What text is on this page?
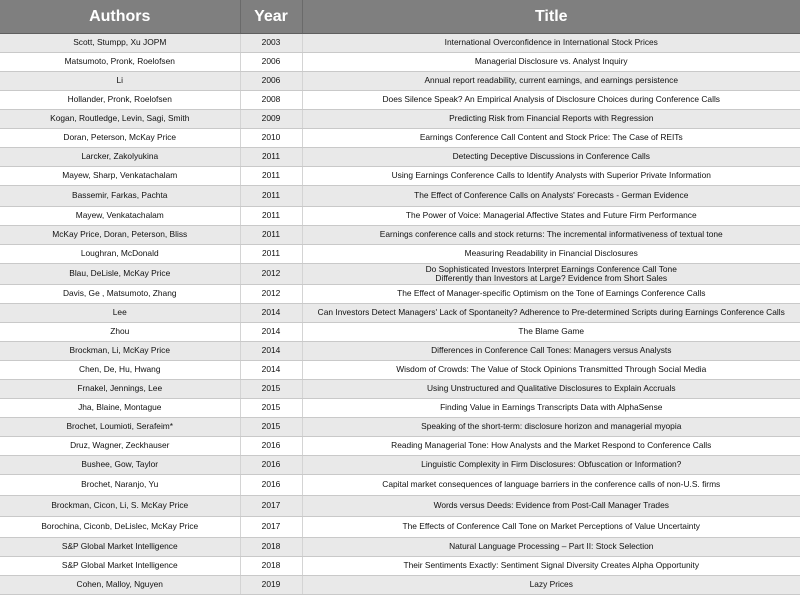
Authors	Year	Title
Scott, Stumpp, Xu JOPM	2003	International Overconfidence in International Stock Prices

Matsumoto, Pronk, Roelofsen	2006	Managerial Disclosure vs. Analyst Inquiry

Li	2006	Annual report readability, current earnings, and earnings persistence

Hollander, Pronk, Roelofsen	2008	Does Silence Speak? An Empirical Analysis of Disclosure Choices during Conference Calls

Kogan, Routledge, Levin, Sagi, Smith	2009	Predicting Risk from Financial Reports with Regression

Doran, Peterson, McKay Price	2010	Earnings Conference Call Content and Stock Price: The Case of REITs

Larcker, Zakolyukina	2011	Detecting Deceptive Discussions in Conference Calls

Mayew, Sharp, Venkatachalam	2011	Using Earnings Conference Calls to Identify Analysts with Superior Private Information

Bassemir, Farkas, Pachta	2011	The Effect of Conference Calls on Analysts' Forecasts - German Evidence

Mayew, Venkatachalam	2011	The Power of Voice: Managerial Affective States and Future Firm Performance

McKay Price, Doran, Peterson, Bliss	2011	Earnings conference calls and stock returns: The incremental informativeness of textual tone

Loughran, McDonald	2011	Measuring Readability in Financial Disclosures

Blau, DeLisle, McKay Price	2012	Do Sophisticated Investors Interpret Earnings Conference Call Tone
Differently than Investors at Large? Evidence from Short Sales

Davis, Ge , Matsumoto, Zhang	2012	The Effect of Manager-specific Optimism on the Tone of Earnings Conference Calls

Lee	2014	Can Investors Detect Managers' Lack of Spontaneity? Adherence to Pre-determined Scripts during Earnings Conference Calls

Zhou	2014	The Blame Game

Brockman, Li, McKay Price	2014	Differences in Conference Call Tones: Managers versus Analysts

Chen, De, Hu, Hwang	2014	Wisdom of Crowds: The Value of Stock Opinions Transmitted Through Social Media

Frnakel, Jennings, Lee	2015	Using Unstructured and Qualitative Disclosures to Explain Accruals

Jha, Blaine, Montague	2015	Finding Value in Earnings Transcripts Data with AlphaSense

Brochet, Loumioti, Serafeim*	2015	Speaking of the short-term: disclosure horizon and managerial myopia

Druz, Wagner, Zeckhauser	2016	Reading Managerial Tone: How Analysts and the Market Respond to Conference Calls

Bushee, Gow, Taylor	2016	Linguistic Complexity in Firm Disclosures: Obfuscation or Information?

Brochet, Naranjo, Yu	2016	Capital market consequences of language barriers in the conference calls of non-U.S. firms

Brockman, Cicon, Li, S. McKay Price	2017	Words versus Deeds: Evidence from Post-Call Manager Trades

Borochina, Ciconb, DeLislec, McKay Price	2017	The Effects of Conference Call Tone on Market Perceptions of Value Uncertainty

S&P Global Market Intelligence	2018	Natural Language Processing – Part II: Stock Selection

S&P Global Market Intelligence	2018	Their Sentiments Exactly: Sentiment Signal Diversity Creates Alpha Opportunity

Cohen, Malloy, Nguyen	2019	Lazy Prices
